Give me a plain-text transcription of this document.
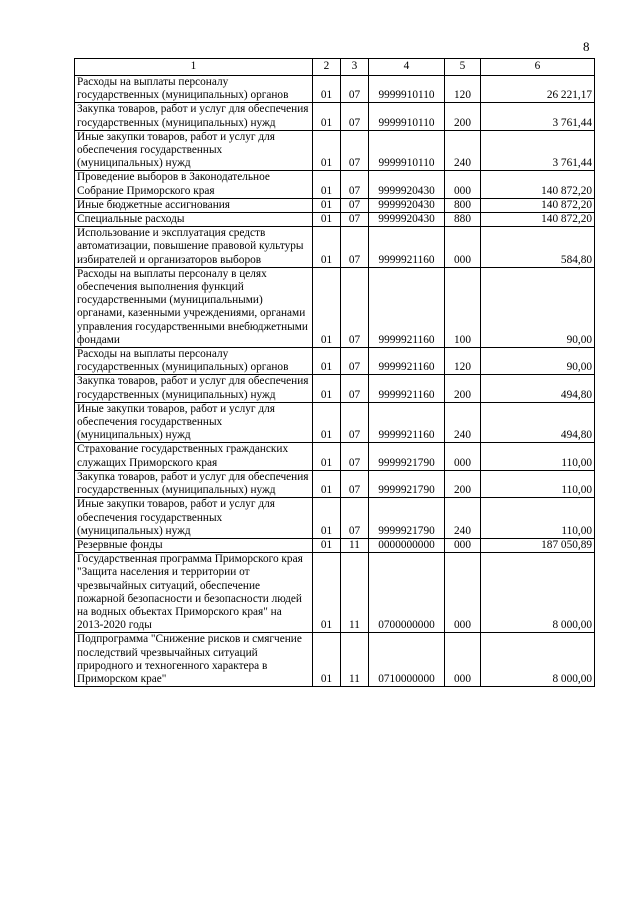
8
1	2	3	4	5	6
Расходы на выплаты персоналу государственных (муниципальных) органов	01	07	9999910110	120	26 221,17
Закупка товаров, работ и услуг для обеспечения государственных (муниципальных) нужд	01	07	9999910110	200	3 761,44
Иные закупки товаров, работ и услуг для обеспечения государственных (муниципальных) нужд	01	07	9999910110	240	3 761,44
Проведение выборов в Законодательное Собрание Приморского края	01	07	9999920430	000	140 872,20
Иные бюджетные ассигнования	01	07	9999920430	800	140 872,20
Специальные расходы	01	07	9999920430	880	140 872,20
Использование и эксплуатация средств автоматизации, повышение правовой культуры избирателей и организаторов выборов	01	07	9999921160	000	584,80
Расходы на выплаты персоналу в целях обеспечения выполнения функций государственными (муниципальными) органами, казенными учреждениями, органами управления государственными внебюджетными фондами	01	07	9999921160	100	90,00
Расходы на выплаты персоналу государственных (муниципальных) органов	01	07	9999921160	120	90,00
Закупка товаров, работ и услуг для обеспечения государственных (муниципальных) нужд	01	07	9999921160	200	494,80
Иные закупки товаров, работ и услуг для обеспечения государственных (муниципальных) нужд	01	07	9999921160	240	494,80
Страхование государственных гражданских служащих Приморского края	01	07	9999921790	000	110,00
Закупка товаров, работ и услуг для обеспечения государственных (муниципальных) нужд	01	07	9999921790	200	110,00
Иные закупки товаров, работ и услуг для обеспечения государственных (муниципальных) нужд	01	07	9999921790	240	110,00
Резервные фонды	01	11	0000000000	000	187 050,89
Государственная программа Приморского края "Защита населения и территории от чрезвычайных ситуаций, обеспечение пожарной безопасности и безопасности людей на водных объектах Приморского края" на 2013-2020 годы	01	11	0700000000	000	8 000,00
Подпрограмма "Снижение рисков и смягчение последствий чрезвычайных ситуаций природного и техногенного характера в Приморском крае"	01	11	0710000000	000	8 000,00
